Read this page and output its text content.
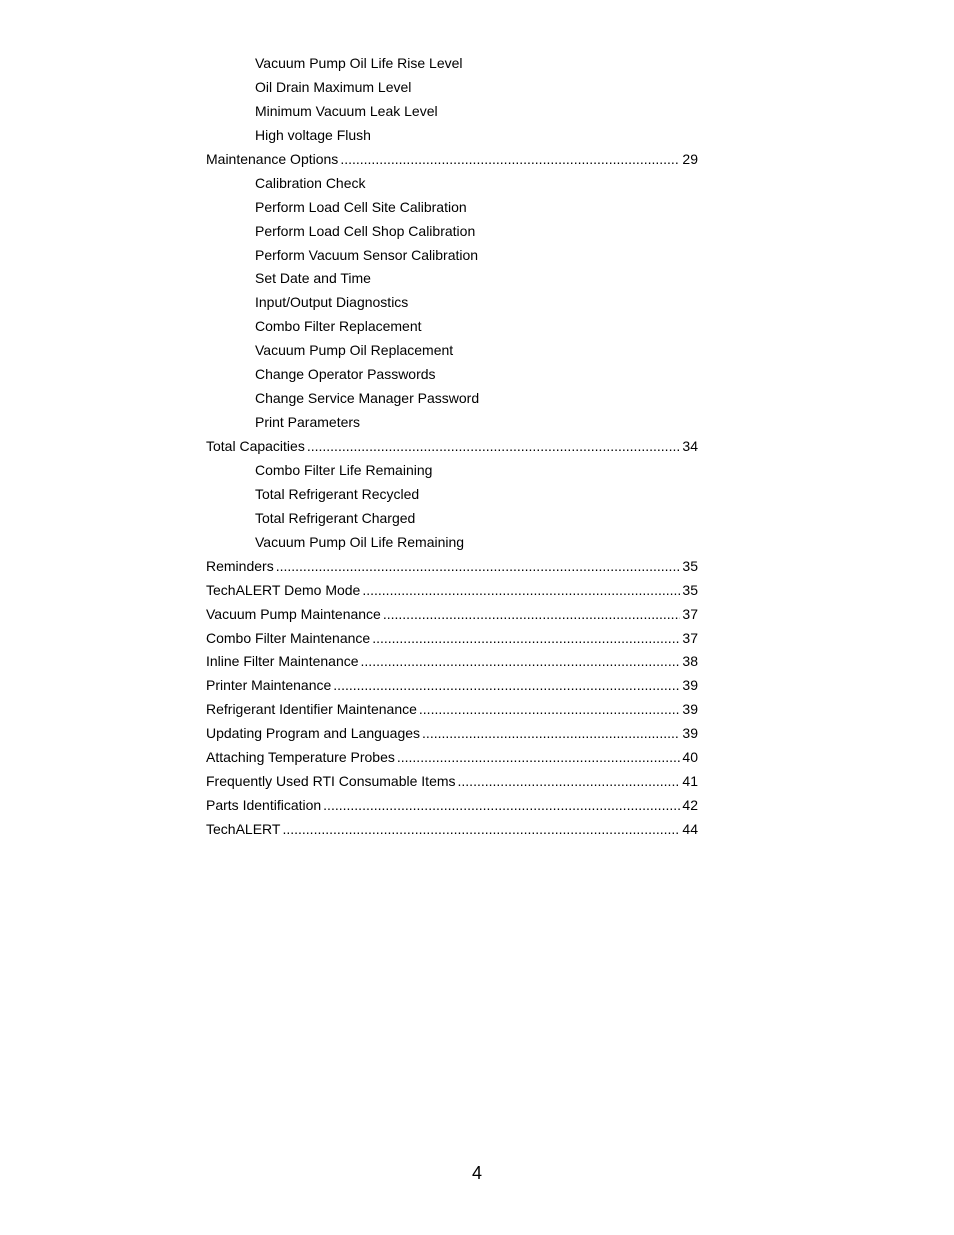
Vacuum Pump Oil Life Rise Level
Oil Drain Maximum Level
Minimum Vacuum Leak Level
High voltage Flush
Maintenance Options .....	29
Calibration Check
Perform Load Cell Site Calibration
Perform Load Cell Shop Calibration
Perform Vacuum Sensor Calibration
Set Date and Time
Input/Output Diagnostics
Combo Filter Replacement
Vacuum Pump Oil Replacement
Change Operator Passwords
Change Service Manager Password
Print Parameters
Total Capacities .....	34
Combo Filter Life Remaining
Total Refrigerant Recycled
Total Refrigerant Charged
Vacuum Pump Oil Life Remaining
Reminders .....	35
TechALERT Demo Mode .....	35
Vacuum Pump Maintenance .....	37
Combo Filter Maintenance .....	37
Inline Filter Maintenance .....	38
Printer Maintenance .....	39
Refrigerant Identifier Maintenance .....	39
Updating Program and Languages .....	39
Attaching Temperature Probes .....	40
Frequently Used RTI Consumable Items .....	41
Parts Identification .....	42
TechALERT .....	44
4
